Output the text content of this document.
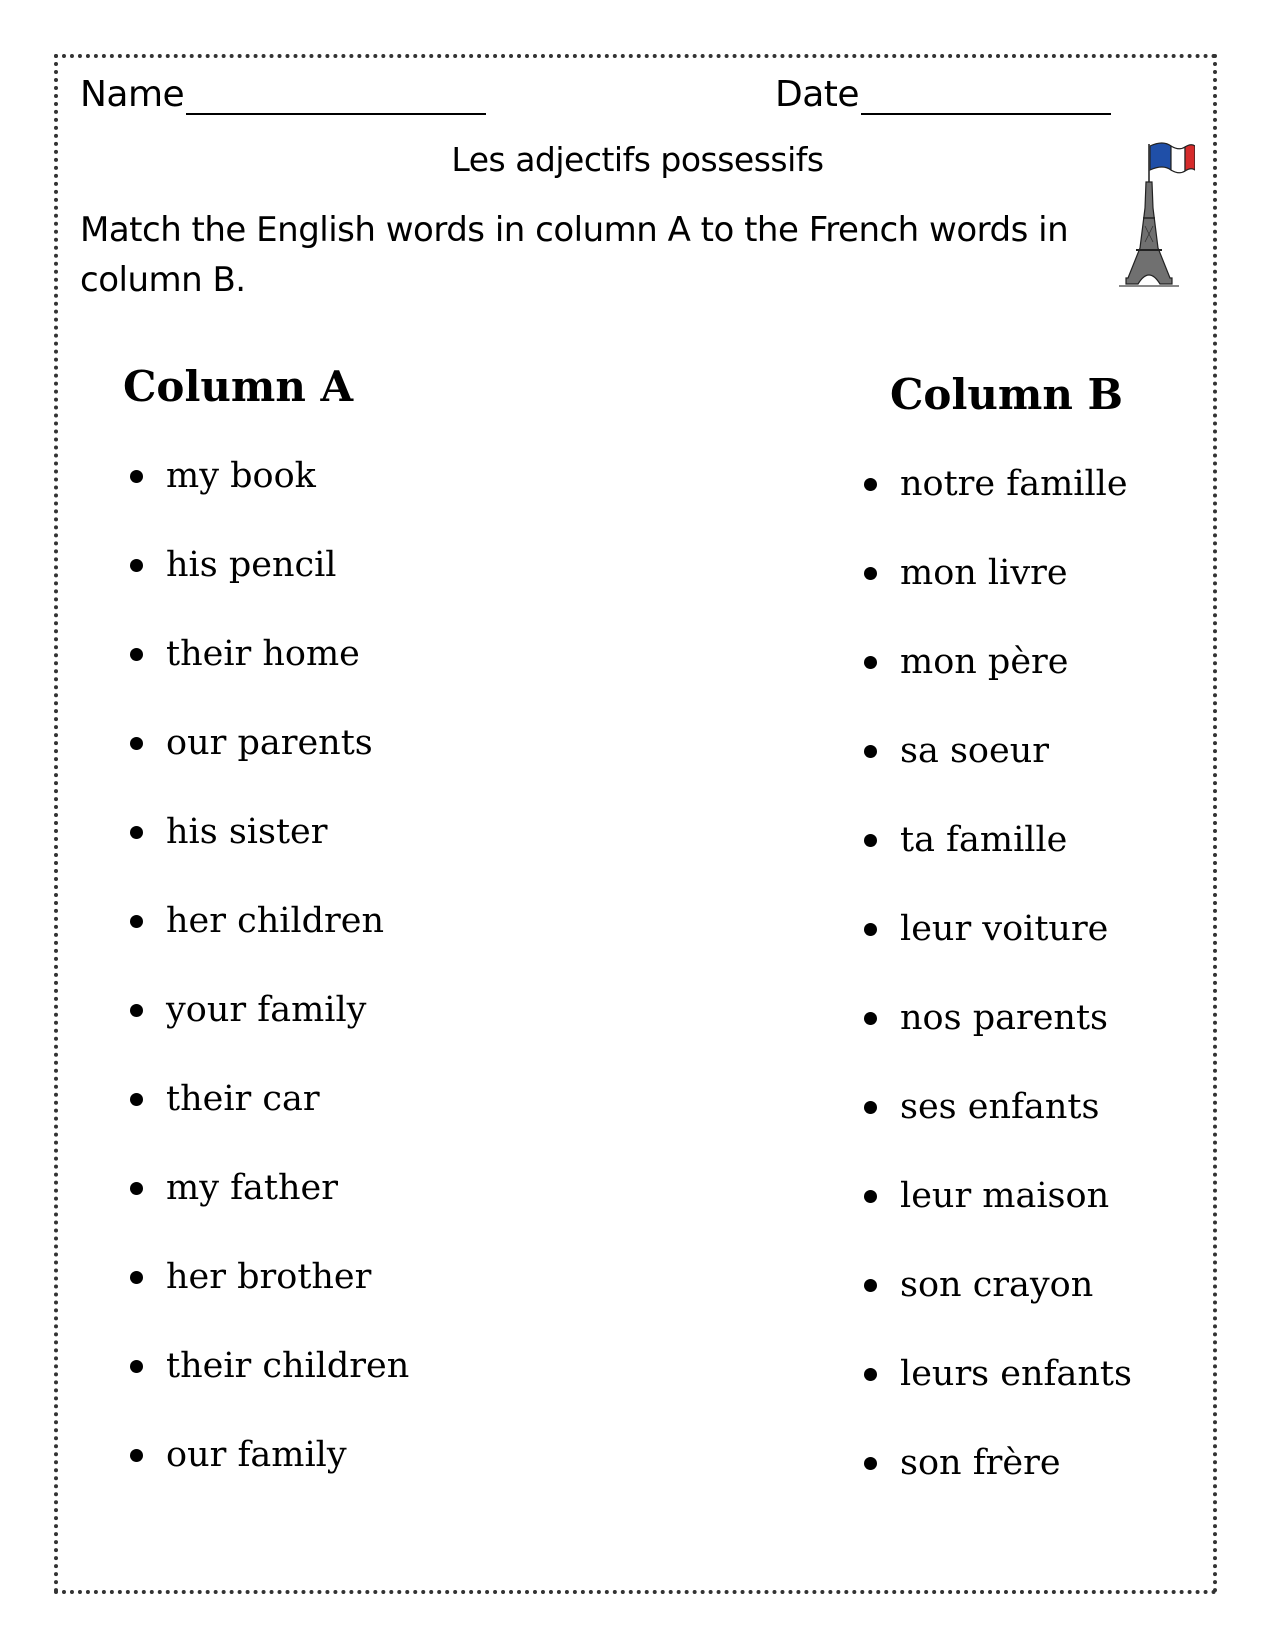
Name	Date
Les adjectifs possessifs
Match the English words in column A to the French words in column B.
Column A	Column B
my book
his pencil
their home
our parents
his sister
her children
your family
their car
my father
her brother
their children
our family
notre famille
mon livre
mon père
sa soeur
ta famille
leur voiture
nos parents
ses enfants
leur maison
son crayon
leurs enfants
son frère
